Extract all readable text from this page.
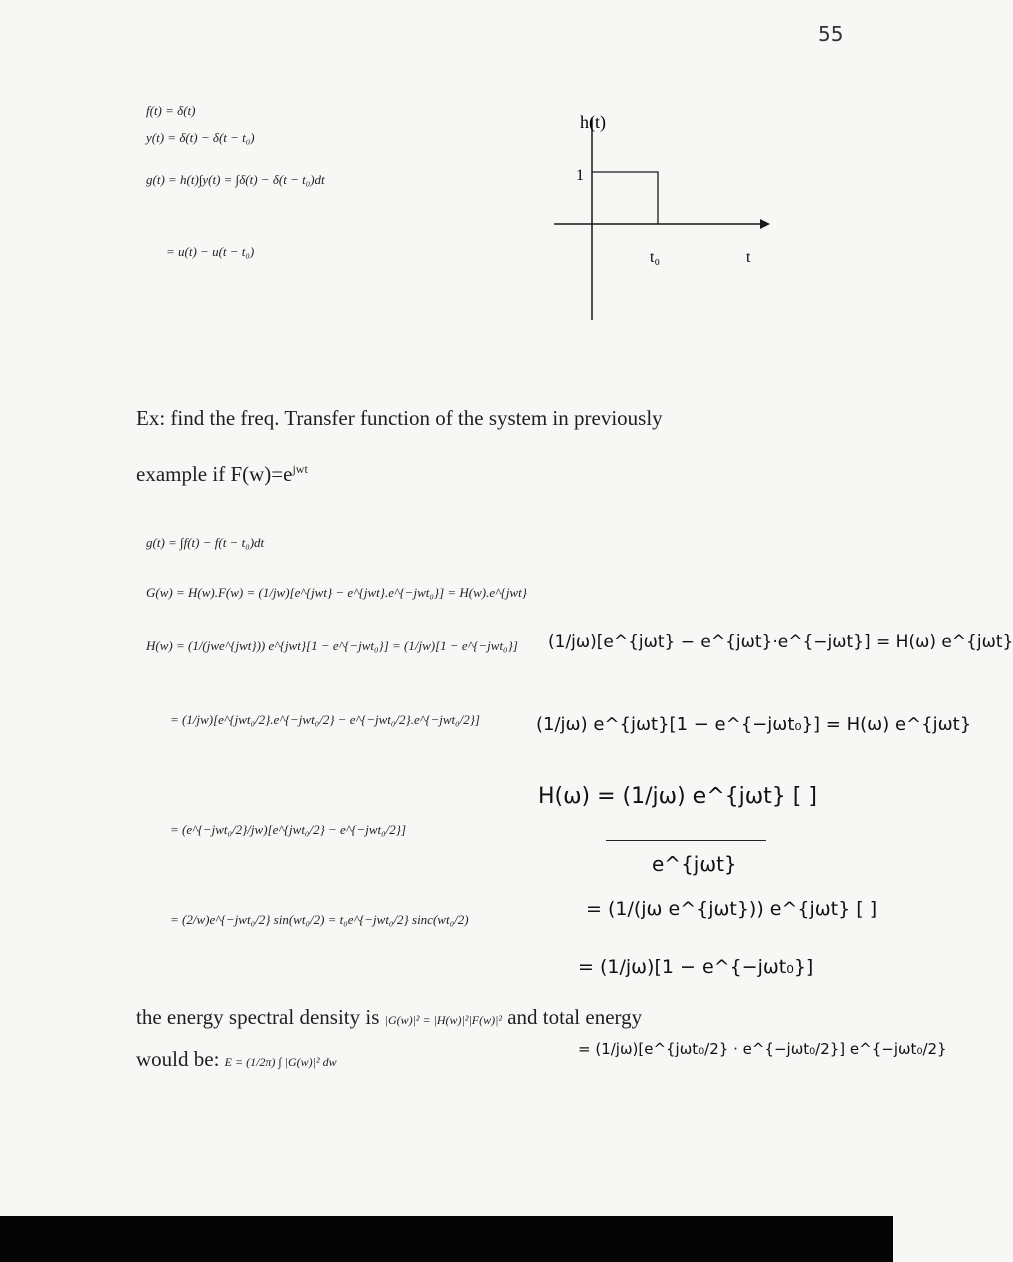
55
f(t) = δ(t)
y(t) = δ(t) − δ(t − t₀)
g(t) = h(t)∫y(t) = ∫δ(t) − δ(t − t₀)dt
= u(t) − u(t − t₀)
h(t)
1
t₀	t
Ex: find the freq. Transfer function of the system in previously
example if $F(w)=e^{jwt}$
g(t) = ∫f(t) − f(t − t₀)dt
G(w) = H(w).F(w) = (1/jw)[e^{jwt} − e^{jwt}.e^{−jwt₀}] = H(w).e^{jwt}
H(w) = (1/(jwe^{jwt})) e^{jwt}[1 − e^{−jwt₀}] = (1/jw)[1 − e^{−jwt₀}]
= (1/jw)[e^{jwt₀/2}.e^{−jwt₀/2} − e^{−jwt₀/2}.e^{−jwt₀/2}]
= (e^{−jwt₀/2}/jw)[e^{jwt₀/2} − e^{−jwt₀/2}]
= (2/w)e^{−jwt₀/2} sin(wt₀/2) = t₀e^{−jwt₀/2} sinc(wt₀/2)
(1/jω)[e^{jωt} − e^{jωt}·e^{−jωt}] = H(ω) e^{jωt}
(1/jω) e^{jωt}[1 − e^{−jωt₀}] = H(ω) e^{jωt}
H(ω) = (1/jω) e^{jωt} [ ]
e^{jωt}
= (1/(jω e^{jωt})) e^{jωt} [ ]
= (1/jω)[1 − e^{−jωt₀}]
= (1/jω)[e^{jωt₀/2} · e^{−jωt₀/2}] e^{−jωt₀/2}
the energy spectral density is |G(w)|² = |H(w)|²|F(w)|² and total energy
would be: E = (1/2π) ∫ |G(w)|² dw
